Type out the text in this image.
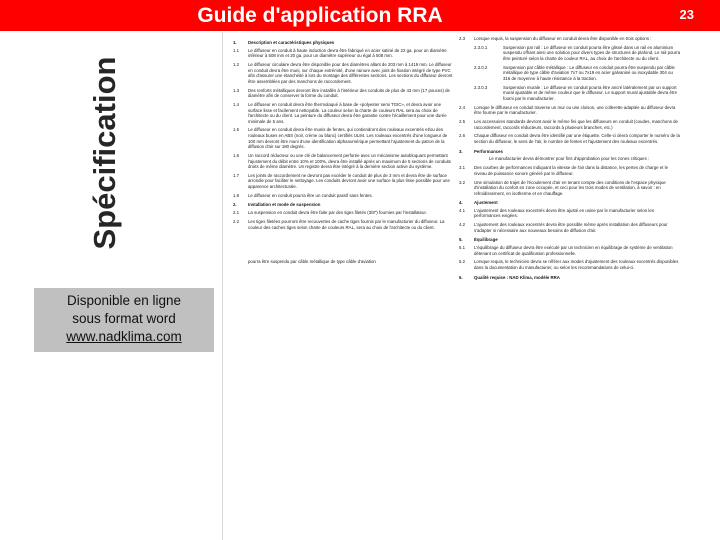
Guide d'application RRA	23
Spécification
Disponible en ligne
sous format word
www.nadklima.com
1.	Description et caractéristiques physiques
1.1	Le diffuseur en conduit à haute induction devra être fabriqué en acier satiné de 22 ga. pour un diamètre inférieur à 508 mm et 20 ga. pour un diamètre supérieur ou égal à 508 mm.
1.2	Le diffuseur circulaire devra être disponible pour des diamètres allant de 203 mm à 1419 mm. Le diffuseur en conduit devra être muni, sur chaque extrémité, d'une rainure avec joint de fixation intégré de type PVC afin d'assurer une étanchéité à lors du montage des différentes sections. Les sections du diffuseur devront être assemblées par des manchons de raccordement.
1.3	Des renforts métalliques devront être installés à l'intérieur des conduits de plus de 43 mm (17 pouces) de diamètre afin de conserver la forme du conduit.
1.4	Le diffuseur en conduit devra être thermolaqué à base de «polyester semi TGIC», et devra avoir une surface lisse et facilement nettoyable. La couleur selon la charte de couleurs RAL sera au choix de l'architecte ou du client. La peinture du diffuseur devra être garantie contre l'écaillement pour une durée minimale de 5 ans.
1.5	Le diffuseur en conduit devra être munis de fentes, qui contiendront des rouleaux excentrés et/ou des rouleaux buses en ABS (noir, crème ou blanc) certifiés UL94. Les rouleaux excentrés d'une longueur de 100 mm devront être muni d'une identification alphanumérique permettant l'ajustement du patron de la diffusion d'air sur 180 degrés.
1.6	Un raccord réducteur ou une clé de balancement perforée avec un mécanisme autobloquant permettant l'ajustement du débit entre 10% et 100%, devra être installé après un maximum de 5 sections de conduits droits de même diamètre. Un registre devra être intégré à la dernière section active du système.
1.7	Les joints de raccordement ne devront pas excéder le conduit de plus de 3 mm et devra être de surface arrondie pour faciliter le nettoyage. Les conduits devront avoir une surface la plus lisse possible pour une apparence architecturale.
1.8	Le diffuseur en conduit pourra être un conduit passif sans fentes.
2.	Installation et mode de suspension
2.1	La suspension en conduit devra être faite par des tiges filetés (3/8") fournies par l'installateur.
2.2	Les tiges filetées pourront être recouvertes de cache tiges fournis par le manufacturier du diffuseur. La couleur des caches tiges selon charte de couleurs RAL, sera au choix de l'architecte ou du client.
pourra être suspendu par câble métallique de type câble d'aviation
2.3	Lorsque requis, la suspension du diffuseur en conduit devra être disponible en trois options :
2.3.0.1	Suspension par rail : Le diffuseur en conduit pourra être glissé dans un rail en aluminium suspendu offrant ainsi une solution pour divers types de structures de plafond. Le rail pourra être peinturé selon la charte de couleur RAL, au choix de l'architecte ou du client.
2.3.0.2	Suspension par câble métallique : Le diffuseur en conduit pourra être suspendu par câble métallique de type câble d'aviation 7x7 ou 7x19 en acier galvanisé ou inoxydable 304 ou 316 de moyenne à haute résistance à la traction.
2.3.0.3	Suspension murale : Le diffuseur en conduit pourra être ancré latéralement par un support mural ajustable et de même couleur que le diffuseur. Le support mural ajustable devra être fourni par le manufacturier.
2.4	Lorsque le diffuseur en conduit traverse un mur ou une cloison, une collerette adaptée au diffuseur devra être fournie par le manufacturier.
2.5	Les accessoires standards devront avoir le même fini que les diffuseurs en conduit (coudes, manchons de raccordement, raccords réducteurs, raccords à plusieurs branches, etc.)
2.6	Chaque diffuseur en conduit devra être identifié par une étiquette. Celle-ci devra comporter le numéro de la section du diffuseur, le sens de l'air, le nombre de fentes et l'ajustement des rouleaux excentrés.
3.	Performances
Le manufacturier devra démontrer pour fins d'approbation pour les zones critiques :
3.1	Des courbes de performances indiquant la vitesse de l'air dans la distance, les pertes de charge et le niveau de puissance sonore généré par le diffuseur.
3.2	Une simulation de trajet de l'écoulement d'air en tenant compte des conditions de l'espace physique d'installation du confort en zone occupée, et ceci pour les trois modes de ventilation, à savoir : en refroidissement, en isotherme et en chauffage.
4.	Ajustement
4.1	L'ajustement des rouleaux excentrés devra être ajusté en usine par le manufacturier selon les performances exigées.
4.2	L'ajustement des rouleaux excentrés devra être possible même après installation des diffuseurs pour s'adapter si nécessaire aux nouveaux besoins de diffusion d'air.
5.	Équilibrage
5.1	L'équilibrage du diffuseur devra être exécuté par un technicien en équilibrage de système de ventilation détenant un certificat de qualification professionnelle.
5.2	Lorsque requis, le technicien devra se référer aux modes d'ajustement des rouleaux excentrés disponibles dans la documentation du manufacturier, ou selon les recommandations de celui-ci.
6.	Qualité requise : NAD Klima, modèle RRA
